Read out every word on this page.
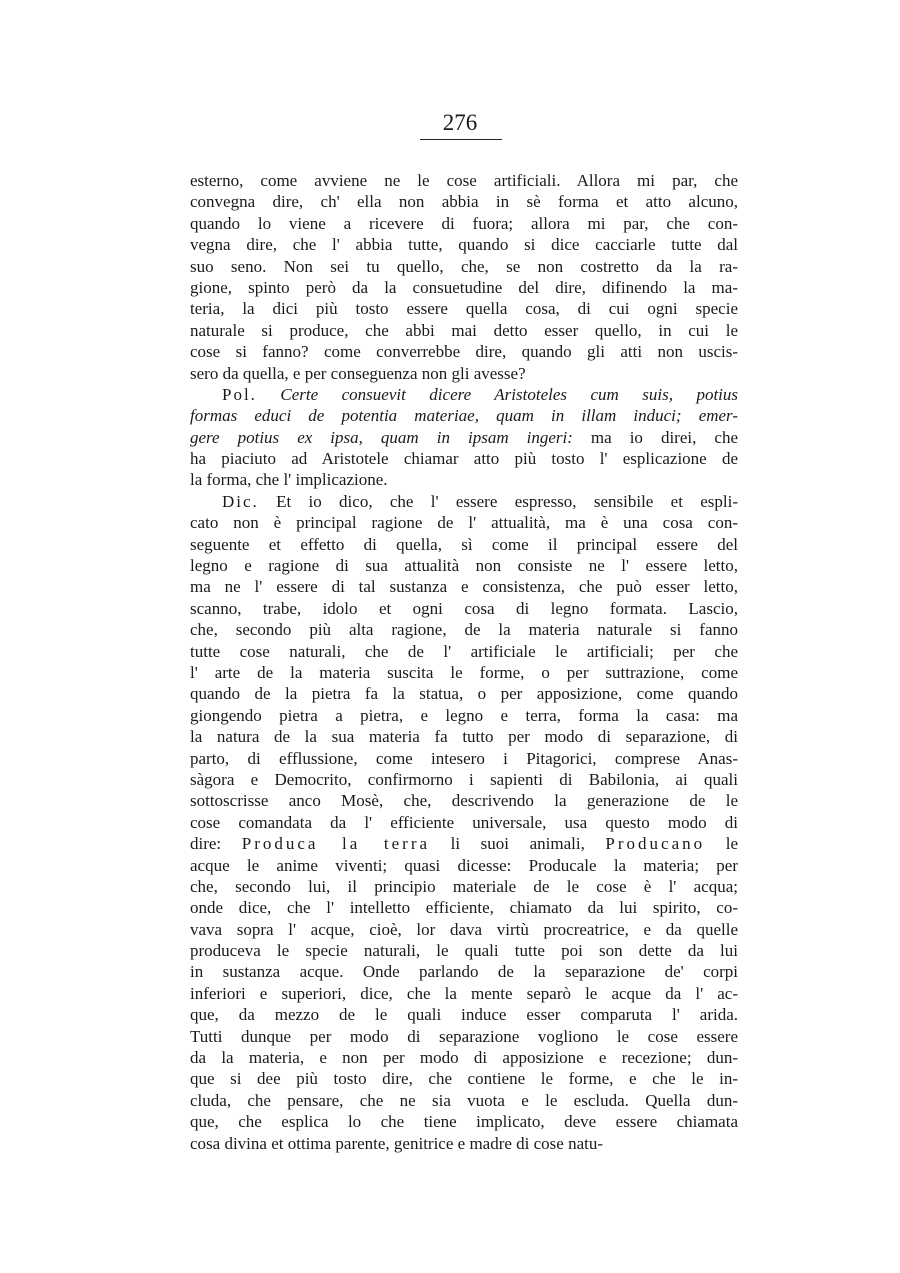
276
esterno, come avviene ne le cose artificiali. Allora mi par, che
convegna dire, ch' ella non abbia in sè forma et atto alcuno,
quando lo viene a ricevere di fuora; allora mi par, che con-
vegna dire, che l' abbia tutte, quando si dice cacciarle tutte dal
suo seno. Non sei tu quello, che, se non costretto da la ra-
gione, spinto però da la consuetudine del dire, difinendo la ma-
teria, la dici più tosto essere quella cosa, di cui ogni specie
naturale si produce, che abbi mai detto esser quello, in cui le
cose si fanno? come converrebbe dire, quando gli atti non uscis-
sero da quella, e per conseguenza non gli avesse?
Pol. Certe consuevit dicere Aristoteles cum suis, potius
formas educi de potentia materiae, quam in illam induci; emer-
gere potius ex ipsa, quam in ipsam ingeri: ma io direi, che
ha piaciuto ad Aristotele chiamar atto più tosto l' esplicazione de
la forma, che l' implicazione.
Dic. Et io dico, che l' essere espresso, sensibile et espli-
cato non è principal ragione de l' attualità, ma è una cosa con-
seguente et effetto di quella, sì come il principal essere del
legno e ragione di sua attualità non consiste ne l' essere letto,
ma ne l' essere di tal sustanza e consistenza, che può esser letto,
scanno, trabe, idolo et ogni cosa di legno formata. Lascio,
che, secondo più alta ragione, de la materia naturale si fanno
tutte cose naturali, che de l' artificiale le artificiali; per che
l' arte de la materia suscita le forme, o per suttrazione, come
quando de la pietra fa la statua, o per apposizione, come quando
giongendo pietra a pietra, e legno e terra, forma la casa: ma
la natura de la sua materia fa tutto per modo di separazione, di
parto, di efflussione, come intesero i Pitagorici, comprese Anas-
sàgora e Democrito, confirmorno i sapienti di Babilonia, ai quali
sottoscrisse anco Mosè, che, descrivendo la generazione de le
cose comandata da l' efficiente universale, usa questo modo di
dire: Produca la terra li suoi animali, Producano le
acque le anime viventi; quasi dicesse: Producale la materia; per
che, secondo lui, il principio materiale de le cose è l' acqua;
onde dice, che l' intelletto efficiente, chiamato da lui spirito, co-
vava sopra l' acque, cioè, lor dava virtù procreatrice, e da quelle
produceva le specie naturali, le quali tutte poi son dette da lui
in sustanza acque. Onde parlando de la separazione de' corpi
inferiori e superiori, dice, che la mente separò le acque da l' ac-
que, da mezzo de le quali induce esser comparuta l' arida.
Tutti dunque per modo di separazione vogliono le cose essere
da la materia, e non per modo di apposizione e recezione; dun-
que si dee più tosto dire, che contiene le forme, e che le in-
cluda, che pensare, che ne sia vuota e le escluda. Quella dun-
que, che esplica lo che tiene implicato, deve essere chiamata
cosa divina et ottima parente, genitrice e madre di cose natu-
